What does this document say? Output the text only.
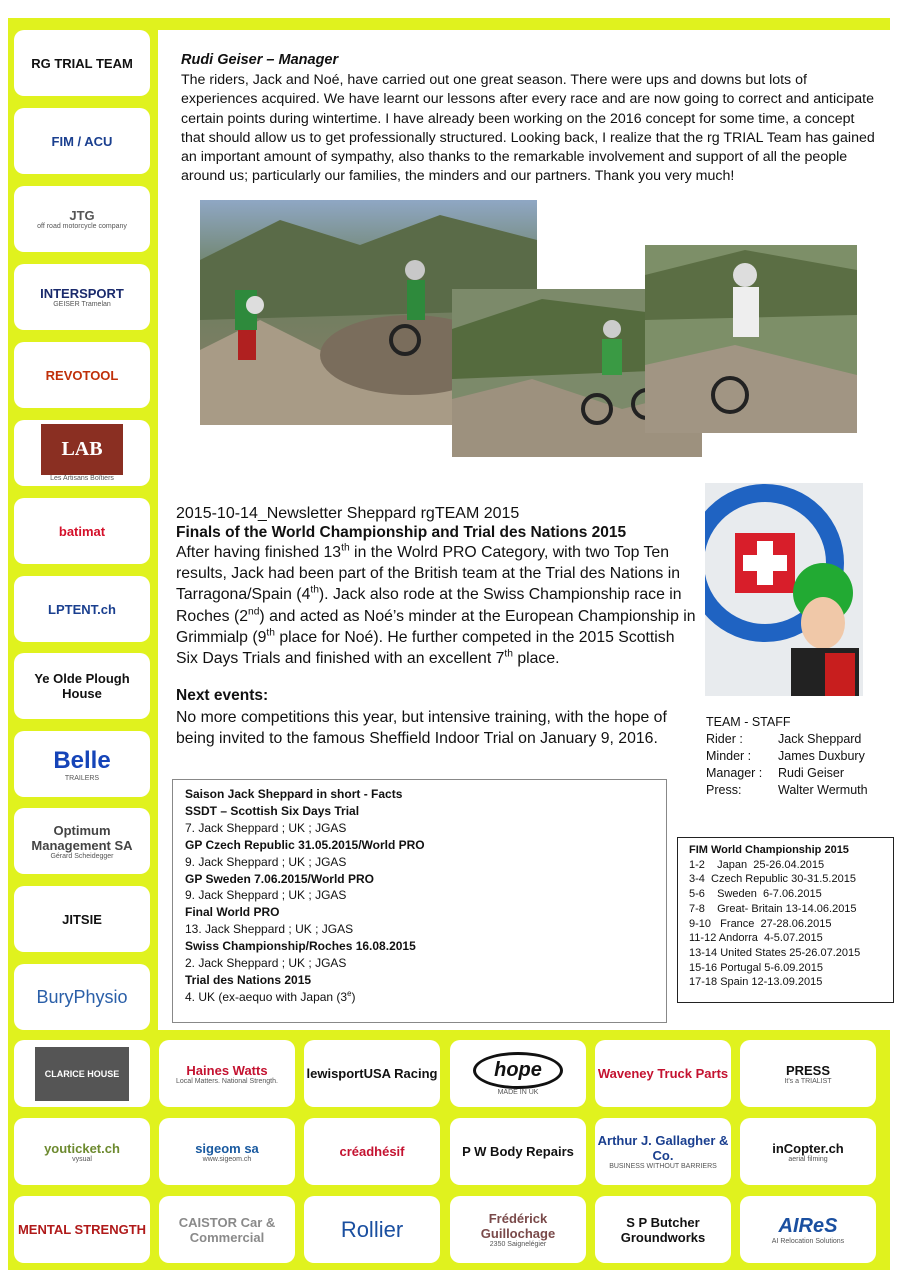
RG TRIAL TEAM
FIM / ACU
JTG
off road motorcycle company
INTERSPORT
GEISER Tramelan
REVOTOOL
LAB
Les Artisans Boîtiers
batimat
LPTENT.ch
Ye Olde Plough House
Belle
TRAILERS
Optimum Management SA
Gérard Scheidegger
JITSIE
BuryPhysio
CLARICE HOUSE	Haines Watts
Local Matters. National Strength. lewisportUSA Racing	hope
MADE IN UK
Waveney Truck Parts	PRESS
It's a TRIALIST
youticket.ch
vysual
sigeom sa
www.sigeom.ch	créadhésif	P W Body Repairs
Arthur J. Gallagher & Co.
BUSINESS WITHOUT BARRIERS
inCopter.ch
aerial filming
MENTAL STRENGTH	CAISTOR Car & Commercial	Rollier	Frédérick Guillochage
2350 Saignelégier
S P Butcher Groundworks
AIReS
AI Relocation Solutions
Rudi Geiser – Manager
The riders, Jack and Noé, have carried out one great season. There were ups and downs but lots of experiences acquired. We have learnt our lessons after every race and are now going to correct and anticipate certain points during wintertime. I have already been working on the 2016 concept for some time, a concept that should allow us to get professionally structured. Looking back, I realize that the rg TRIAL Team has gained an important amount of sympathy, also thanks to the remarkable involvement and support of all the people around us; particularly our families, the minders and our partners. Thank you very much!
2015-10-14_Newsletter Sheppard rgTEAM 2015
Finals of the World Championship and Trial des Nations 2015
After having finished 13th in the Wolrd PRO Category, with two Top Ten results, Jack had been part of the British team at the Trial des Nations in Tarragona/Spain (4th). Jack also rode at the Swiss Championship race in Roches (2nd) and acted as Noé’s minder at the European Championship in Grimmialp (9th place for Noé). He further competed in the 2015 Scottish Six Days Trials and finished with an excellent 7th place.
Next events:
No more competitions this year, but intensive training, with the hope of being invited to the famous Sheffield Indoor Trial on January 9, 2016.
TEAM - STAFF
Rider :	Jack Sheppard
Minder :	James Duxbury
Manager :	Rudi Geiser
Press:	Walter Wermuth
Saison Jack Sheppard in short - Facts
SSDT – Scottish Six Days Trial
7. Jack Sheppard ; UK ; JGAS
GP Czech Republic 31.05.2015/World PRO
9. Jack Sheppard ; UK ; JGAS
GP Sweden 7.06.2015/World PRO
9. Jack Sheppard ; UK ; JGAS
Final World PRO
13. Jack Sheppard ; UK ; JGAS
Swiss Championship/Roches 16.08.2015
2. Jack Sheppard ; UK ; JGAS
Trial des Nations 2015
4. UK (ex-aequo with Japan (3e)
FIM World Championship 2015
1-2    Japan  25-26.04.2015
3-4  Czech Republic 30-31.5.2015
5-6    Sweden  6-7.06.2015
7-8    Great- Britain 13-14.06.2015
9-10   France  27-28.06.2015
11-12 Andorra  4-5.07.2015
13-14 United States 25-26.07.2015
15-16 Portugal 5-6.09.2015
17-18 Spain 12-13.09.2015
